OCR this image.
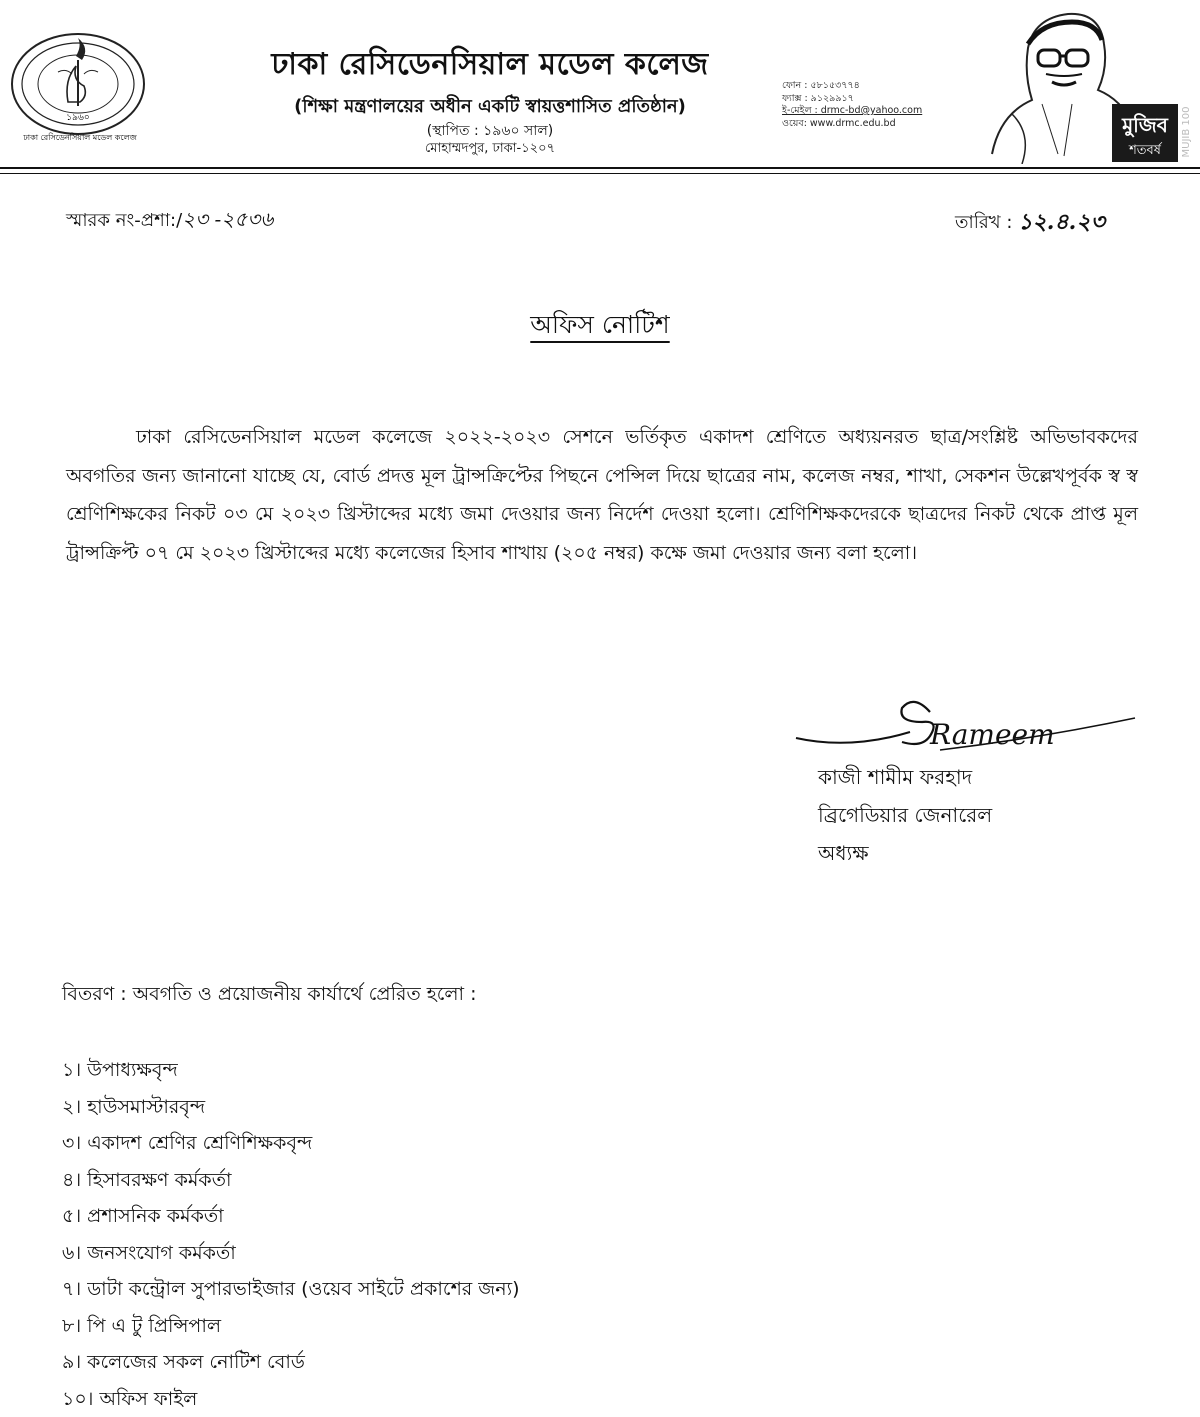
১৯৬০
ঢাকা রেসিডেনসিয়াল মডেল কলেজ
ঢাকা রেসিডেনসিয়াল মডেল কলেজ
(শিক্ষা মন্ত্রণালয়ের অধীন একটি স্বায়ত্তশাসিত প্রতিষ্ঠান)
(স্থাপিত : ১৯৬০ সাল)
মোহাম্মদপুর, ঢাকা-১২০৭
ফোন : ৫৮১৫৩৭৭৪
ফ্যাক্স : ৯১২৯৯১৭
ই-মেইল : drmc-bd@yahoo.com
ওয়েব: www.drmc.edu.bd	মুজিব
শতবর্ষ MUJIB 100
স্মারক নং-প্রশা:/২৩ -২৫৩৬	তারিখ : ১২.৪.২৩
অফিস নোটিশ

ঢাকা রেসিডেনসিয়াল মডেল কলেজে ২০২২-২০২৩ সেশনে ভর্তিকৃত একাদশ শ্রেণিতে অধ্যয়নরত ছাত্র/সংশ্লিষ্ট অভিভাবকদের অবগতির জন্য জানানো যাচ্ছে যে, বোর্ড প্রদত্ত মূল ট্রান্সক্রিপ্টের পিছনে পেন্সিল দিয়ে ছাত্রের নাম, কলেজ নম্বর, শাখা, সেকশন উল্লেখপূর্বক স্ব স্ব শ্রেণিশিক্ষকের নিকট ০৩ মে ২০২৩ খ্রিস্টাব্দের মধ্যে জমা দেওয়ার জন্য নির্দেশ দেওয়া হলো। শ্রেণিশিক্ষকদেরকে ছাত্রদের নিকট থেকে প্রাপ্ত মূল ট্রান্সক্রিপ্ট ০৭ মে ২০২৩ খ্রিস্টাব্দের মধ্যে কলেজের হিসাব শাখায় (২০৫ নম্বর) কক্ষে জমা দেওয়ার জন্য বলা হলো।

Rameem
কাজী শামীম ফরহাদ
ব্রিগেডিয়ার জেনারেল
অধ্যক্ষ
বিতরণ : অবগতি ও প্রয়োজনীয় কার্যার্থে প্রেরিত হলো :
১। উপাধ্যক্ষবৃন্দ
২। হাউসমাস্টারবৃন্দ
৩। একাদশ শ্রেণির শ্রেণিশিক্ষকবৃন্দ
৪। হিসাবরক্ষণ কর্মকর্তা
৫। প্রশাসনিক কর্মকর্তা
৬। জনসংযোগ কর্মকর্তা
৭। ডাটা কন্ট্রোল সুপারভাইজার (ওয়েব সাইটে প্রকাশের জন্য)
৮। পি এ টু প্রিন্সিপাল
৯। কলেজের সকল নোটিশ বোর্ড
১০। অফিস ফাইল
